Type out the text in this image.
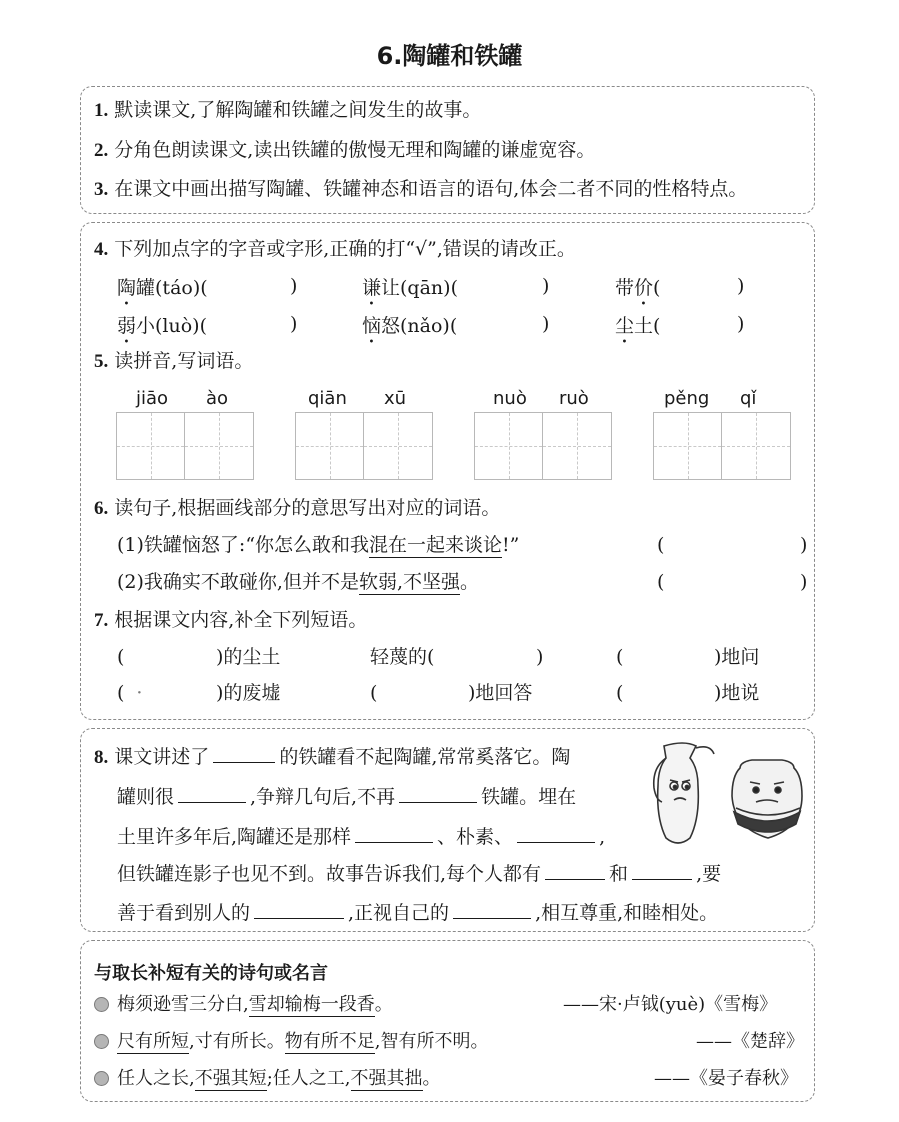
6.陶罐和铁罐
1. 默读课文,了解陶罐和铁罐之间发生的故事。
2. 分角色朗读课文,读出铁罐的傲慢无理和陶罐的谦虚宽容。
3. 在课文中画出描写陶罐、铁罐神态和语言的语句,体会二者不同的性格特点。
4. 下列加点字的字音或字形,正确的打“√”,错误的请改正。
陶罐(táo)(	)	谦让(qān)(	)	带价(	)
弱小(luò)(	)	恼怒(nǎo)(	)	尘土(	)
5. 读拼音,写词语。
jiāo ào	qiān xū	nuò ruò	pěng qǐ
6. 读句子,根据画线部分的意思写出对应的词语。
(1)铁罐恼怒了:“你怎么敢和我混在一起来谈论!”	(	)
(2)我确实不敢碰你,但并不是软弱,不坚强。	(	)
7. 根据课文内容,补全下列短语。
(	)的尘土	轻蔑的(	)	(	)地问
( ·	)的废墟	(	)地回答	(	)地说
8. 课文讲述了	的铁罐看不起陶罐,常常奚落它。陶
罐则很	,争辩几句后,不再	铁罐。埋在
土里许多年后,陶罐还是那样	、朴素、	,
但铁罐连影子也见不到。故事告诉我们,每个人都有	和	,要
善于看到别人的	,正视自己的	,相互尊重,和睦相处。
与取长补短有关的诗句或名言
梅须逊雪三分白,雪却输梅一段香。	——宋·卢钺(yuè)《雪梅》
尺有所短,寸有所长。物有所不足,智有所不明。	——《楚辞》
任人之长,不强其短;任人之工,不强其拙。	——《晏子春秋》
